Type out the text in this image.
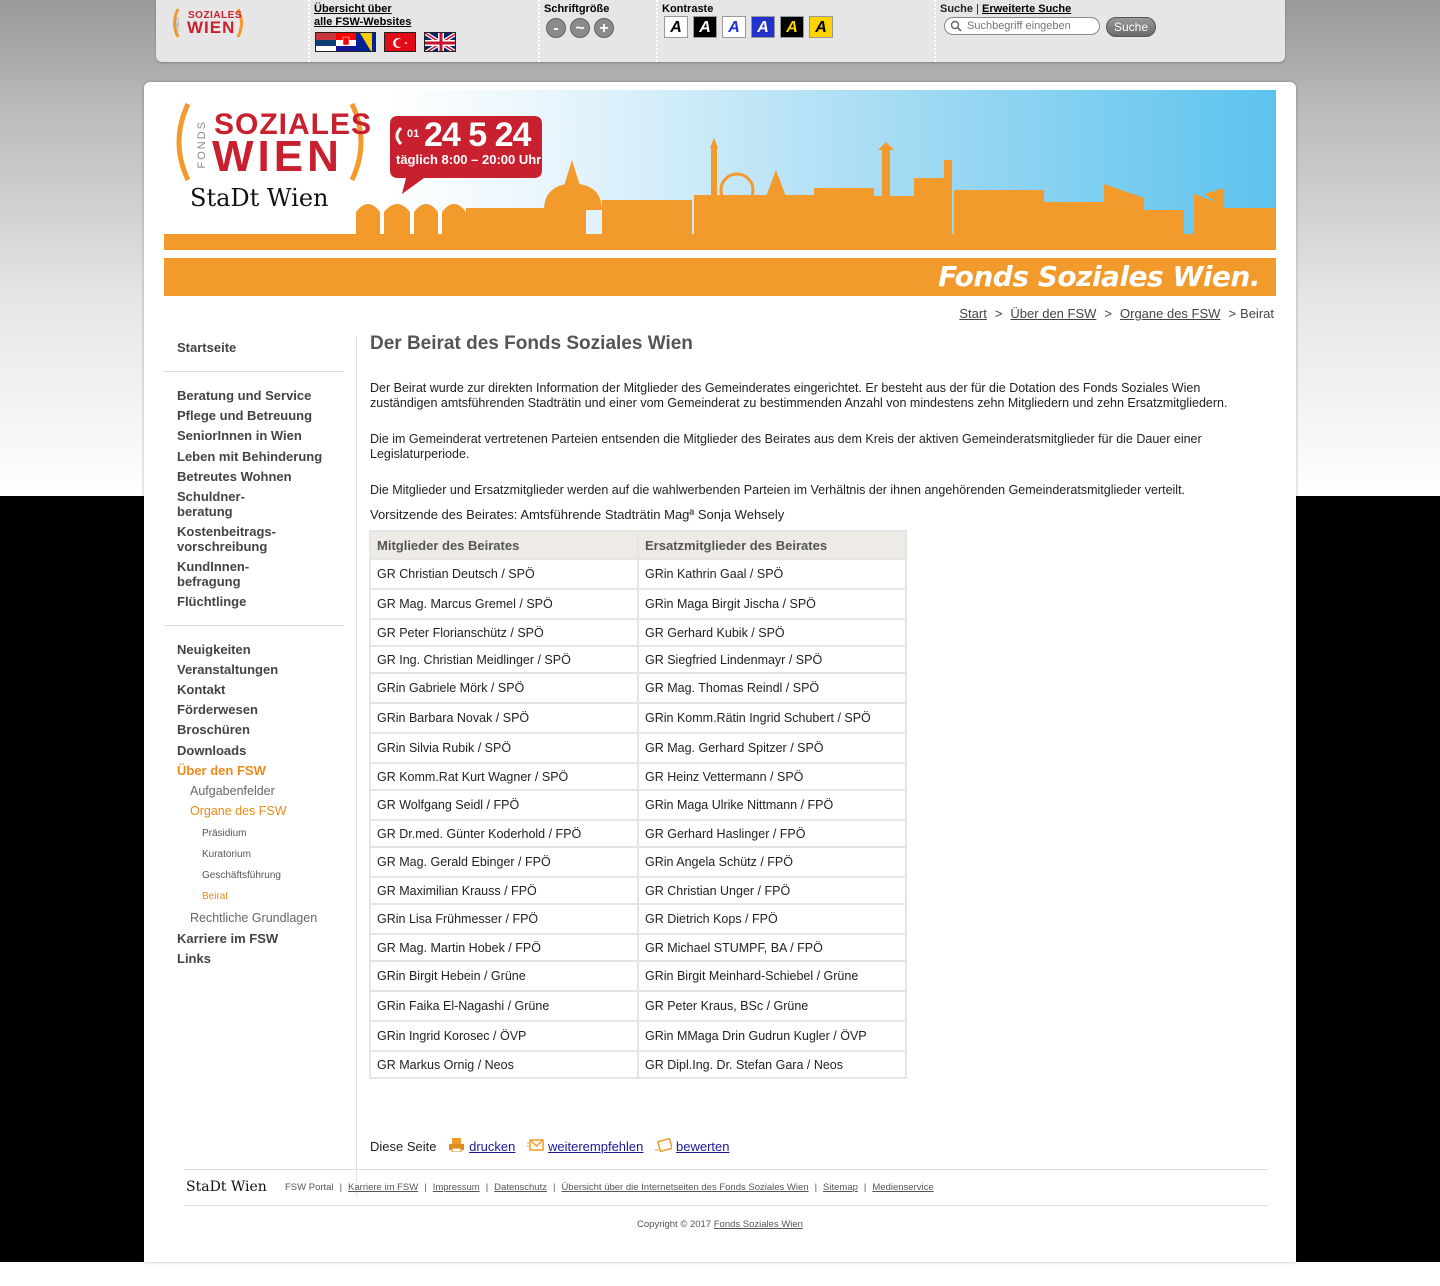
FONDS
SOZIALES
WIEN
Übersicht über
alle FSW-Websites
Schriftgröße
-	~ +
Kontraste
A	A	A	A	A	A
Suche | Erweiterte Suche
Suchbegriff eingeben
Suche
FONDS SOZIALES
WIEN
StaDt Wien
01 24 5 24
täglich 8:00 – 20:00 Uhr
Fonds Soziales Wien.
Start > Über den FSW > Organe des FSW > Beirat
Startseite
Beratung und Service
Pflege und Betreuung
SeniorInnen in Wien
Leben mit Behinderung
Betreutes Wohnen
Schuldner-
beratung
Kostenbeitrags-
vorschreibung
KundInnen-
befragung
Flüchtlinge
Neuigkeiten
Veranstaltungen
Kontakt
Förderwesen
Broschüren
Downloads
Über den FSW
Aufgabenfelder
Organe des FSW
Präsidium
Kuratorium
Geschäftsführung
Beirat
Rechtliche Grundlagen
Karriere im FSW
Links
Der Beirat des Fonds Soziales Wien
Der Beirat wurde zur direkten Information der Mitglieder des Gemeinderates eingerichtet. Er besteht aus der für die Dotation des Fonds Soziales Wien
zuständigen amtsführenden Stadträtin und einer vom Gemeinderat zu bestimmenden Anzahl von mindestens zehn Mitgliedern und zehn Ersatzmitgliedern.
Die im Gemeinderat vertretenen Parteien entsenden die Mitglieder des Beirates aus dem Kreis der aktiven Gemeinderatsmitglieder für die Dauer einer
Legislaturperiode.
Die Mitglieder und Ersatzmitglieder werden auf die wahlwerbenden Parteien im Verhältnis der ihnen angehörenden Gemeinderatsmitglieder verteilt.
Vorsitzende des Beirates: Amtsführende Stadträtin Magª Sonja Wehsely
Mitglieder des Beirates	Ersatzmitglieder des Beirates
GR Christian Deutsch / SPÖ	GRin Kathrin Gaal / SPÖ
GR Mag. Marcus Gremel / SPÖ	GRin Maga Birgit Jischa / SPÖ
GR Peter Florianschütz / SPÖ	GR Gerhard Kubik / SPÖ
GR Ing. Christian Meidlinger / SPÖ	GR Siegfried Lindenmayr / SPÖ
GRin Gabriele Mörk / SPÖ	GR Mag. Thomas Reindl / SPÖ
GRin Barbara Novak / SPÖ	GRin Komm.Rätin Ingrid Schubert / SPÖ
GRin Silvia Rubik / SPÖ	GR Mag. Gerhard Spitzer / SPÖ
GR Komm.Rat Kurt Wagner / SPÖ	GR Heinz Vettermann / SPÖ
GR Wolfgang Seidl / FPÖ	GRin Maga Ulrike Nittmann / FPÖ
GR Dr.med. Günter Koderhold / FPÖ	GR Gerhard Haslinger / FPÖ
GR Mag. Gerald Ebinger / FPÖ	GRin Angela Schütz / FPÖ
GR Maximilian Krauss / FPÖ	GR Christian Unger / FPÖ
GRin Lisa Frühmesser / FPÖ	GR Dietrich Kops / FPÖ
GR Mag. Martin Hobek / FPÖ	GR Michael STUMPF, BA / FPÖ
GRin Birgit Hebein / Grüne	GRin Birgit Meinhard-Schiebel / Grüne
GRin Faika El-Nagashi / Grüne	GR Peter Kraus, BSc / Grüne
GRin Ingrid Korosec / ÖVP	GRin MMaga Drin Gudrun Kugler / ÖVP
GR Markus Ornig / Neos	GR Dipl.Ing. Dr. Stefan Gara / Neos
Diese Seite	drucken	weiterempfehlen	bewerten
StaDt Wien FSW Portal | Karriere im FSW | Impressum | Datenschutz | Übersicht über die Internetseiten des Fonds Soziales Wien | Sitemap | Medienservice
Copyright © 2017 Fonds Soziales Wien
